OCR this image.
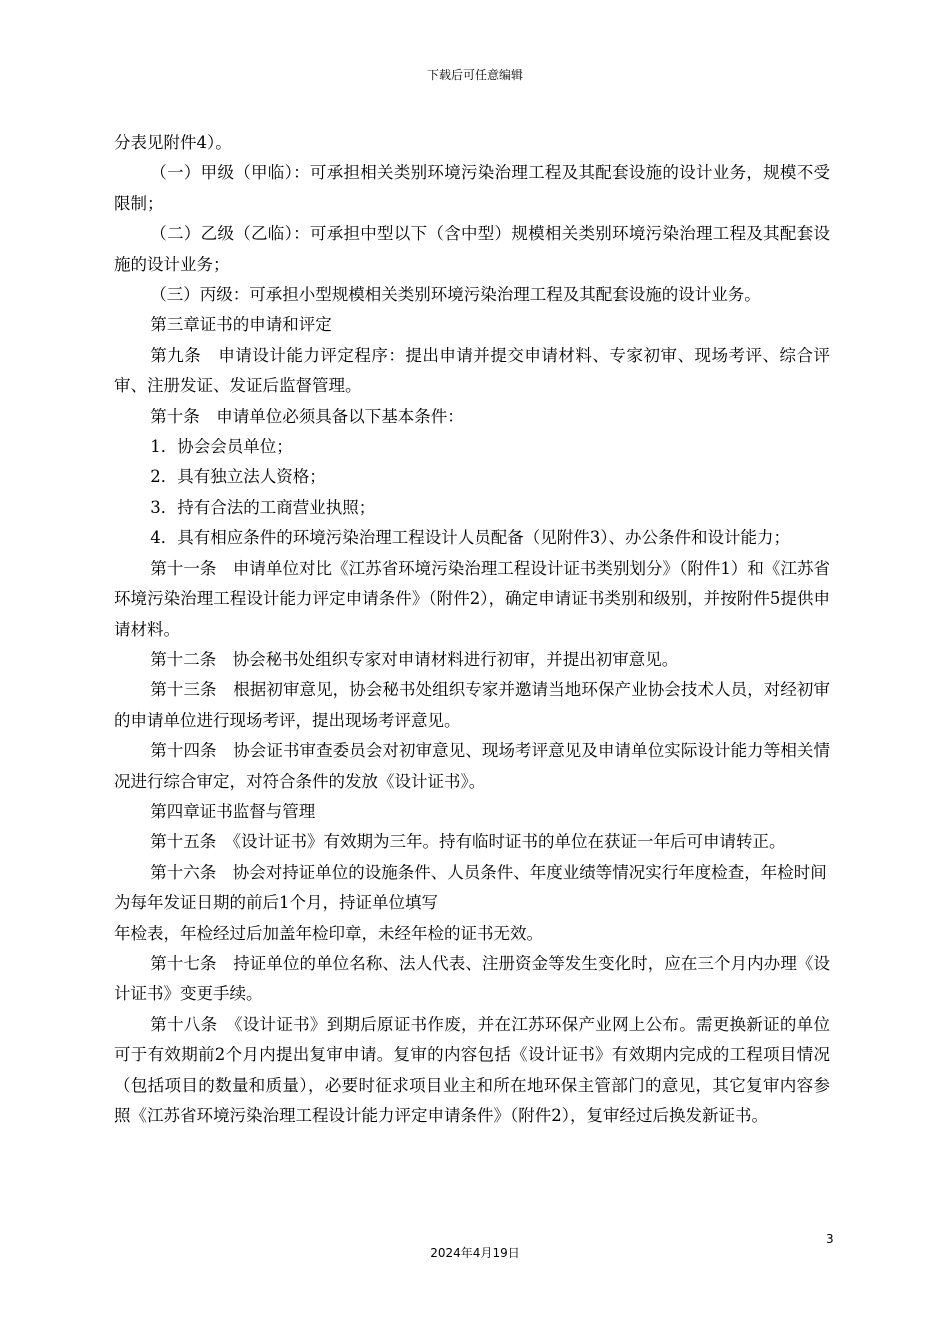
下载后可任意编辑

分表见附件4）。

（一）甲级（甲临）：可承担相关类别环境污染治理工程及其配套设施的设计业务，规模不受限制；

（二）乙级（乙临）：可承担中型以下（含中型）规模相关类别环境污染治理工程及其配套设施的设计业务；

（三）丙级：可承担小型规模相关类别环境污染治理工程及其配套设施的设计业务。

第三章证书的申请和评定

第九条　申请设计能力评定程序：提出申请并提交申请材料、专家初审、现场考评、综合评审、注册发证、发证后监督管理。

第十条　申请单位必须具备以下基本条件：

1．协会会员单位；

2．具有独立法人资格；

3．持有合法的工商营业执照；

4．具有相应条件的环境污染治理工程设计人员配备（见附件3）、办公条件和设计能力；

第十一条　申请单位对比《江苏省环境污染治理工程设计证书类别划分》（附件1）和《江苏省环境污染治理工程设计能力评定申请条件》（附件2），确定申请证书类别和级别，并按附件5提供申请材料。

第十二条　协会秘书处组织专家对申请材料进行初审，并提出初审意见。

第十三条　根据初审意见，协会秘书处组织专家并邀请当地环保产业协会技术人员，对经初审的申请单位进行现场考评，提出现场考评意见。

第十四条　协会证书审查委员会对初审意见、现场考评意见及申请单位实际设计能力等相关情况进行综合审定，对符合条件的发放《设计证书》。

第四章证书监督与管理

第十五条　《设计证书》有效期为三年。持有临时证书的单位在获证一年后可申请转正。

第十六条　协会对持证单位的设施条件、人员条件、年度业绩等情况实行年度检查，年检时间为每年发证日期的前后1个月，持证单位填写

年检表，年检经过后加盖年检印章，未经年检的证书无效。

第十七条　持证单位的单位名称、法人代表、注册资金等发生变化时，应在三个月内办理《设计证书》变更手续。

第十八条　《设计证书》到期后原证书作废，并在江苏环保产业网上公布。需更换新证的单位可于有效期前2个月内提出复审申请。复审的内容包括《设计证书》有效期内完成的工程项目情况（包括项目的数量和质量），必要时征求项目业主和所在地环保主管部门的意见，其它复审内容参照《江苏省环境污染治理工程设计能力评定申请条件》（附件2），复审经过后换发新证书。

3
2024年4月19日
